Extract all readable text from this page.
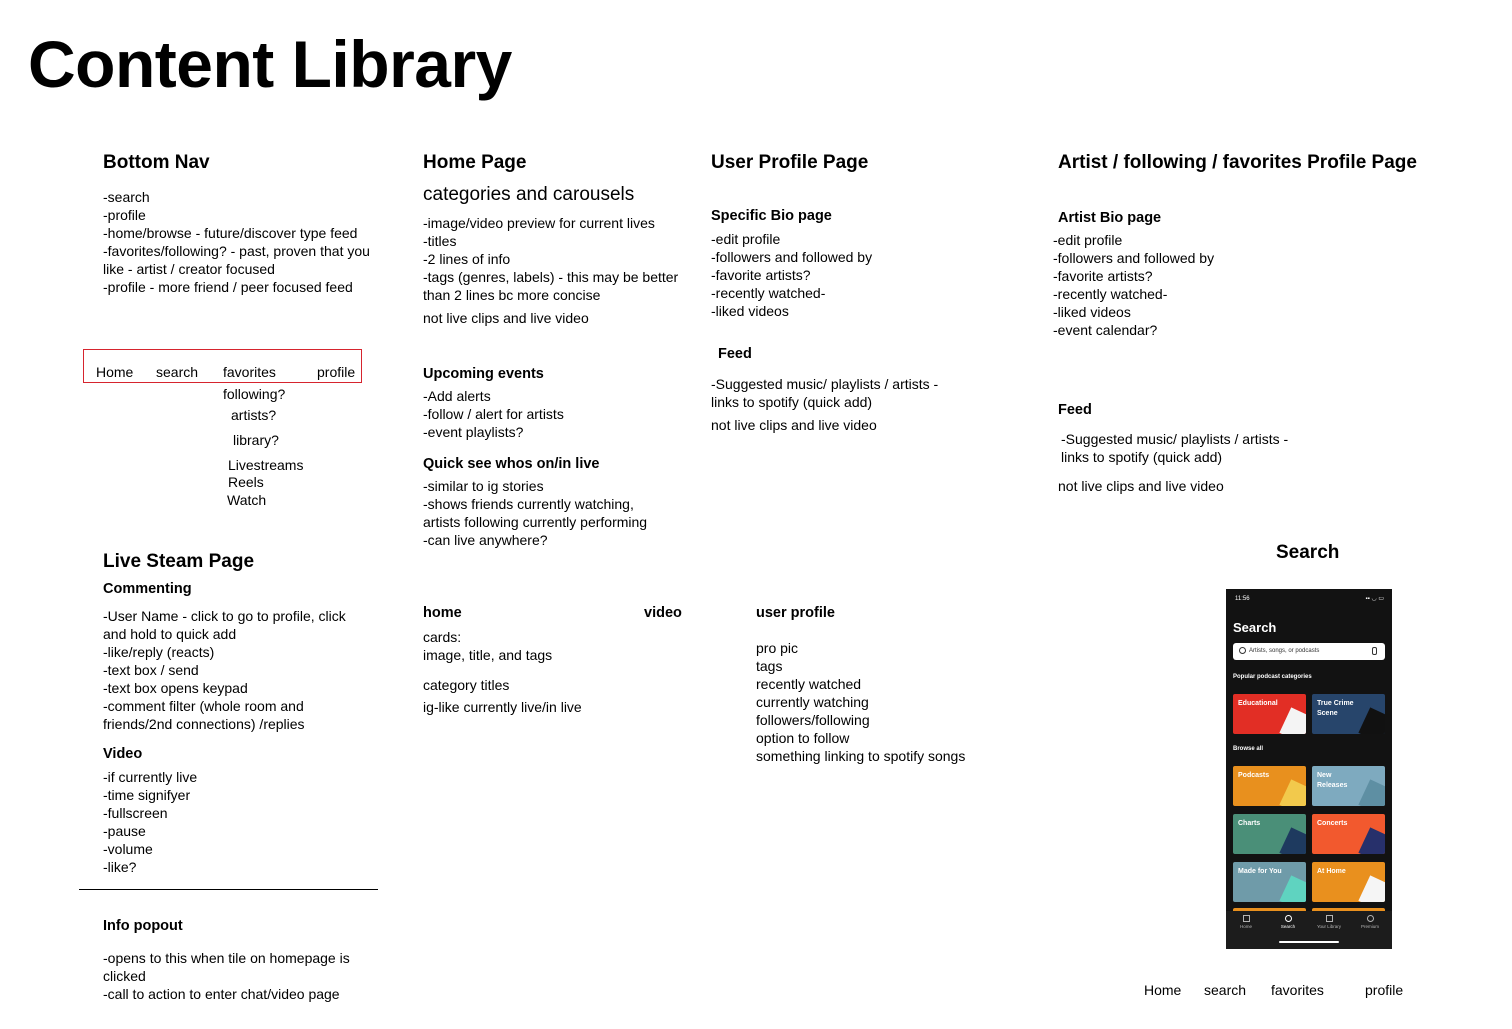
Content Library
Bottom Nav
-search
-profile
-home/browse - future/discover type feed
-favorites/following? - past, proven that you like - artist / creator focused
-profile - more friend / peer focused feed
Home search favorites	profile
following?
artists?
library?
Livestreams
Reels
Watch
Live Steam Page
Commenting
-User Name - click to go to profile, click and hold to quick add
-like/reply (reacts)
-text box / send
-text box opens keypad
-comment filter (whole room and friends/2nd connections) /replies
Video
-if currently live
-time signifyer
-fullscreen
-pause
-volume
-like?
Info popout
-opens to this when tile on homepage is clicked
-call to action to enter chat/video page
Home Page
categories and carousels
-image/video preview for current lives
-titles
-2 lines of info
-tags (genres, labels) - this may be better than 2 lines bc more concise
not live clips and live video
Upcoming events
-Add alerts
-follow / alert for artists
-event playlists?
Quick see whos on/in live
-similar to ig stories
-shows friends currently watching, artists following currently performing
-can live anywhere?
home
cards:
image, title, and tags
category titles
ig-like currently live/in live
video	user profile
pro pic
tags
recently watched
currently watching
followers/following
option to follow
something linking to spotify songs
User Profile Page
Specific Bio page
-edit profile
-followers and followed by
-favorite artists?
-recently watched-
-liked videos
Feed
-Suggested music/ playlists / artists - links to spotify (quick add)
not live clips and live video
Artist / following / favorites Profile Page
Artist Bio page
-edit profile
-followers and followed by
-favorite artists?
-recently watched-
-liked videos
-event calendar?
Feed
-Suggested music/ playlists / artists - links to spotify (quick add)
not live clips and live video
Search
11:56	▪▪ ◡ ▭
Search
Artists, songs, or podcasts
Popular podcast categories
Educational	True Crime Scene
Browse all
Podcasts	New Releases
Charts	Concerts
Made for You	At Home
Home	Search	Your Library	Premium
Home search favorites	profile
